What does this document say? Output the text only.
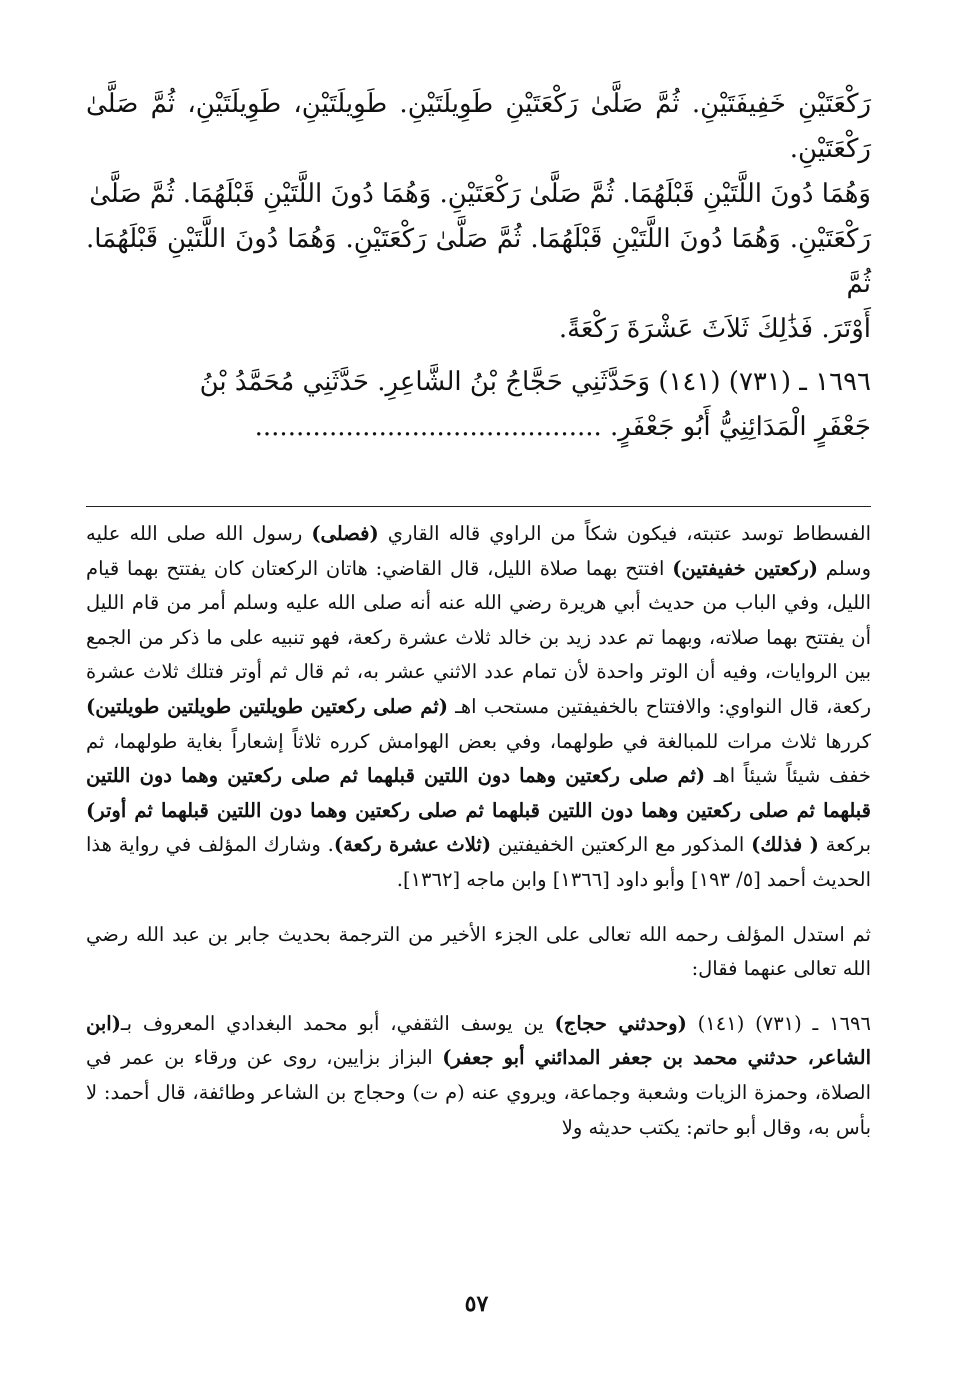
رَكْعَتَيْنِ خَفِيفَتَيْنِ. ثُمَّ صَلَّىٰ رَكْعَتَيْنِ طَوِيلَتَيْنِ. طَوِيلَتَيْنِ، طَوِيلَتَيْنِ، ثُمَّ صَلَّىٰ رَكْعَتَيْنِ.

وَهُمَا دُونَ اللَّتَيْنِ قَبْلَهُمَا. ثُمَّ صَلَّىٰ رَكْعَتَيْنِ. وَهُمَا دُونَ اللَّتَيْنِ قَبْلَهُمَا. ثُمَّ صَلَّىٰ

رَكْعَتَيْنِ. وَهُمَا دُونَ اللَّتَيْنِ قَبْلَهُمَا. ثُمَّ صَلَّىٰ رَكْعَتَيْنِ. وَهُمَا دُونَ اللَّتَيْنِ قَبْلَهُمَا. ثُمَّ

أَوْتَرَ. فَذَٰلِكَ ثَلاَثَ عَشْرَةَ رَكْعَةً.

١٦٩٦ ـ (٧٣١) (١٤١) وَحَدَّثَنِي حَجَّاجُ بْنُ الشَّاعِرِ. حَدَّثَنِي مُحَمَّدُ بْنُ

جَعْفَرٍ الْمَدَائِنِيُّ أَبُو جَعْفَرٍ. ..........................................

الفسطاط توسد عتبته، فيكون شكاً من الراوي قاله القاري (فصلى) رسول الله صلى الله عليه وسلم (ركعتين خفيفتين) افتتح بهما صلاة الليل، قال القاضي: هاتان الركعتان كان يفتتح بهما قيام الليل، وفي الباب من حديث أبي هريرة رضي الله عنه أنه صلى الله عليه وسلم أمر من قام الليل أن يفتتح بهما صلاته، وبهما تم عدد زيد بن خالد ثلاث عشرة ركعة، فهو تنبيه على ما ذكر من الجمع بين الروايات، وفيه أن الوتر واحدة لأن تمام عدد الاثني عشر به، ثم قال ثم أوتر فتلك ثلاث عشرة ركعة، قال النواوي: والافتتاح بالخفيفتين مستحب اهـ (ثم صلى ركعتين طويلتين طويلتين طويلتين) كررها ثلاث مرات للمبالغة في طولهما، وفي بعض الهوامش كرره ثلاثاً إشعاراً بغاية طولهما، ثم خفف شيئاً شيئاً اهـ (ثم صلى ركعتين وهما دون اللتين قبلهما ثم صلى ركعتين وهما دون اللتين قبلهما ثم صلى ركعتين وهما دون اللتين قبلهما ثم صلى ركعتين وهما دون اللتين قبلهما ثم أوتر) بركعة ( فذلك) المذكور مع الركعتين الخفيفتين (ثلاث عشرة ركعة). وشارك المؤلف في رواية هذا الحديث أحمد [٥/ ١٩٣] وأبو داود [١٣٦٦] وابن ماجه [١٣٦٢].

ثم استدل المؤلف رحمه الله تعالى على الجزء الأخير من الترجمة بحديث جابر بن عبد الله رضي الله تعالى عنهما فقال:

١٦٩٦ ـ (٧٣١) (١٤١) (وحدثني حجاج) ين يوسف الثقفي، أبو محمد البغدادي المعروف بـ(ابن الشاعر، حدثني محمد بن جعفر المدائني أبو جعفر) البزاز بزايين، روى عن ورقاء بن عمر في الصلاة، وحمزة الزيات وشعبة وجماعة، ويروي عنه (م ت) وحجاج بن الشاعر وطائفة، قال أحمد: لا بأس به، وقال أبو حاتم: يكتب حديثه ولا

٥٧
